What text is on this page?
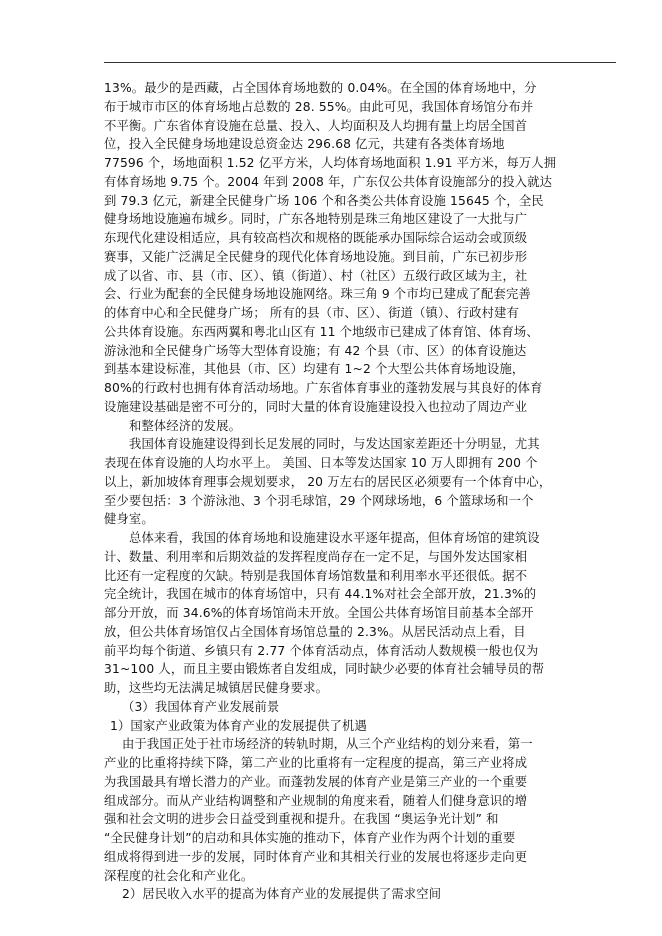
13%。最少的是西藏，占全国体育场地数的 0.04%。在全国的体育场地中，分
布于城市市区的体育场地占总数的 28. 55%。由此可见，我国体育场馆分布并
不平衡。广东省体育设施在总量、投入、人均面积及人均拥有量上均居全国首
位，投入全民健身场地建设总资金达 296.68 亿元，共建有各类体育场地
77596 个，场地面积 1.52 亿平方米，人均体育场地面积 1.91 平方米，每万人拥
有体育场地 9.75 个。2004 年到 2008 年，广东仅公共体育设施部分的投入就达
到 79.3 亿元，新建全民健身广场 106 个和各类公共体育设施 15645 个，全民
健身场地设施遍布城乡。同时，广东各地特别是珠三角地区建设了一大批与广
东现代化建设相适应，具有较高档次和规格的既能承办国际综合运动会或顶级
赛事，又能广泛满足全民健身的现代化体育场地设施。到目前，广东已初步形
成了以省、市、县（市、区）、镇（街道）、村（社区）五级行政区域为主，社
会、行业为配套的全民健身场地设施网络。珠三角 9 个市均已建成了配套完善
的体育中心和全民健身广场； 所有的县（市、区）、街道（镇）、行政村建有
公共体育设施。东西两翼和粤北山区有 11 个地级市已建成了体育馆、体育场、
游泳池和全民健身广场等大型体育设施；有 42 个县（市、区）的体育设施达
到基本建设标准，其他县（市、区）均建有 1~2 个大型公共体育场地设施，
80%的行政村也拥有体育活动场地。广东省体育事业的蓬勃发展与其良好的体育
设施建设基础是密不可分的，同时大量的体育设施建设投入也拉动了周边产业
和整体经济的发展。
我国体育设施建设得到长足发展的同时，与发达国家差距还十分明显，尤其
表现在体育设施的人均水平上。 美国、日本等发达国家 10 万人即拥有 200 个
以上，新加坡体育理事会规划要求， 20 万左右的居民区必须要有一个体育中心，
至少要包括：3 个游泳池、3 个羽毛球馆，29 个网球场地，6 个篮球场和一个
健身室。
总体来看，我国的体育场地和设施建设水平逐年提高，但体育场馆的建筑设
计、数量、利用率和后期效益的发挥程度尚存在一定不足，与国外发达国家相
比还有一定程度的欠缺。特别是我国体育场馆数量和利用率水平还很低。据不
完全统计，我国在城市的体育场馆中，只有 44.1%对社会全部开放，21.3%的
部分开放，而 34.6%的体育场馆尚未开放。全国公共体育场馆目前基本全部开
放，但公共体育场馆仅占全国体育场馆总量的 2.3%。从居民活动点上看，目
前平均每个街道、乡镇只有 2.77 个体育活动点，体育活动人数规模一般也仅为
31~100 人，而且主要由锻炼者自发组成，同时缺少必要的体育社会辅导员的帮
助，这些均无法满足城镇居民健身要求。
（3）我国体育产业发展前景
1）国家产业政策为体育产业的发展提供了机遇
由于我国正处于社市场经济的转轨时期，从三个产业结构的划分来看，第一
产业的比重将持续下降，第二产业的比重将有一定程度的提高，第三产业将成
为我国最具有增长潜力的产业。而蓬勃发展的体育产业是第三产业的一个重要
组成部分。而从产业结构调整和产业规制的角度来看，随着人们健身意识的增
强和社会文明的进步会日益受到重视和提升。在我国 “奥运争光计划” 和
“全民健身计划”的启动和具体实施的推动下，体育产业作为两个计划的重要
组成将得到进一步的发展，同时体育产业和其相关行业的发展也将逐步走向更
深程度的社会化和产业化。
2）居民收入水平的提高为体育产业的发展提供了需求空间
